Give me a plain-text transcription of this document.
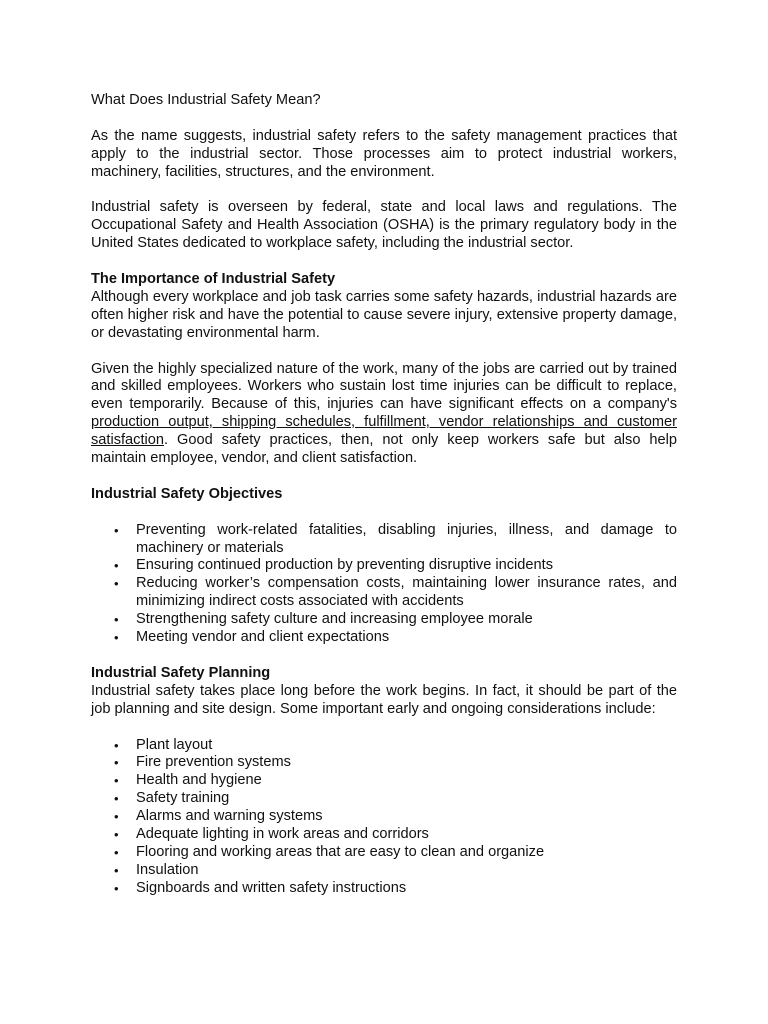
What Does Industrial Safety Mean?

As the name suggests, industrial safety refers to the safety management practices that apply to the industrial sector. Those processes aim to protect industrial workers, machinery, facilities, structures, and the environment.

Industrial safety is overseen by federal, state and local laws and regulations. The Occupational Safety and Health Association (OSHA) is the primary regulatory body in the United States dedicated to workplace safety, including the industrial sector.

The Importance of Industrial Safety

Although every workplace and job task carries some safety hazards, industrial hazards are often higher risk and have the potential to cause severe injury, extensive property damage, or devastating environmental harm.

Given the highly specialized nature of the work, many of the jobs are carried out by trained and skilled employees. Workers who sustain lost time injuries can be difficult to replace, even temporarily. Because of this, injuries can have significant effects on a company's production output, shipping schedules, fulfillment, vendor relationships and customer satisfaction. Good safety practices, then, not only keep workers safe but also help maintain employee, vendor, and client satisfaction.

Industrial Safety Objectives

• Preventing work-related fatalities, disabling injuries, illness, and damage to machinery or materials
• Ensuring continued production by preventing disruptive incidents
• Reducing worker’s compensation costs, maintaining lower insurance rates, and minimizing indirect costs associated with accidents
• Strengthening safety culture and increasing employee morale
• Meeting vendor and client expectations

Industrial Safety Planning

Industrial safety takes place long before the work begins. In fact, it should be part of the job planning and site design. Some important early and ongoing considerations include:

• Plant layout
• Fire prevention systems
• Health and hygiene
• Safety training
• Alarms and warning systems
• Adequate lighting in work areas and corridors
• Flooring and working areas that are easy to clean and organize
• Insulation
• Signboards and written safety instructions
